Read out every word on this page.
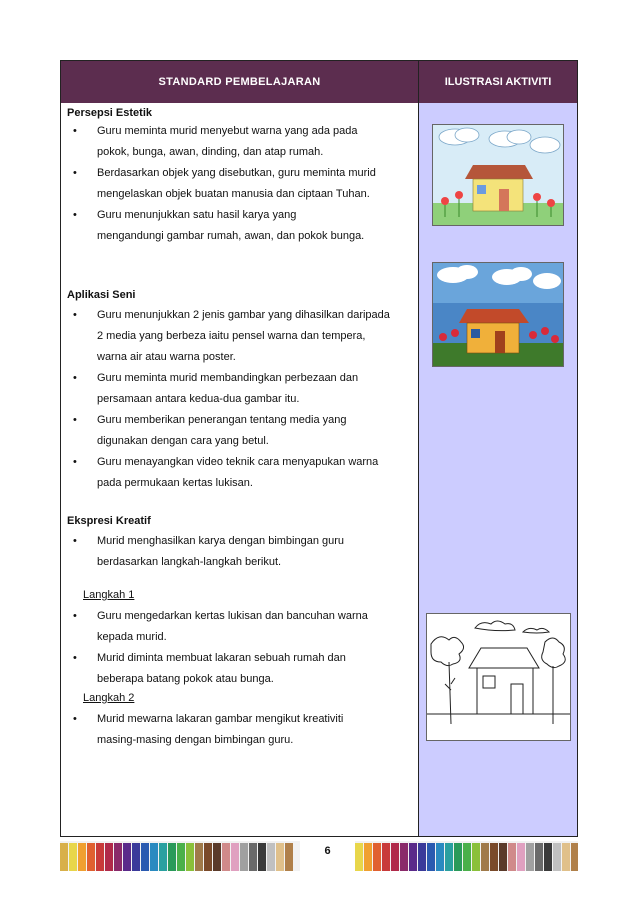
STANDARD PEMBELAJARAN	ILUSTRASI AKTIVITI
Persepsi Estetik
• Guru meminta murid menyebut warna yang ada pada
pokok, bunga, awan, dinding, dan atap rumah.
• Berdasarkan objek yang disebutkan, guru meminta murid
mengelaskan objek buatan manusia dan ciptaan Tuhan.
• Guru menunjukkan satu hasil karya yang
mengandungi gambar rumah, awan, dan pokok bunga.
Aplikasi Seni
• Guru menunjukkan 2 jenis gambar yang dihasilkan daripada
2 media yang berbeza iaitu pensel warna dan tempera,
warna air atau warna poster.
• Guru meminta murid membandingkan perbezaan dan
persamaan antara kedua-dua gambar itu.
• Guru memberikan penerangan tentang media yang
digunakan dengan cara yang betul.
• Guru menayangkan video teknik cara menyapukan warna
pada permukaan kertas lukisan.
Ekspresi Kreatif
• Murid menghasilkan karya dengan bimbingan guru
berdasarkan langkah-langkah berikut.
Langkah 1
• Guru mengedarkan kertas lukisan dan bancuhan warna
kepada murid.
• Murid diminta membuat lakaran sebuah rumah dan
beberapa batang pokok atau bunga.
Langkah 2
• Murid mewarna lakaran gambar mengikut kreativiti
masing-masing dengan bimbingan guru.
6
